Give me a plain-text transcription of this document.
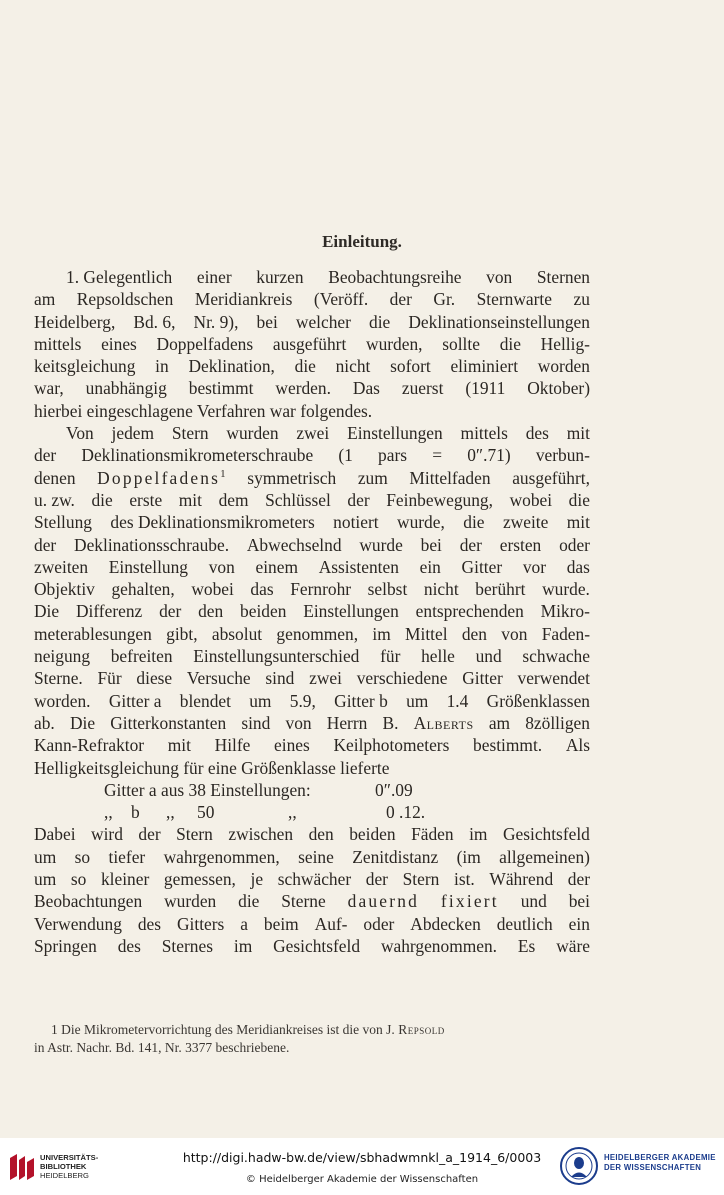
Einleitung.
1. Gelegentlich einer kurzen Beobachtungsreihe von Sternen
am Repsoldschen Meridiankreis (Veröff. der Gr. Sternwarte zu
Heidelberg, Bd. 6, Nr. 9), bei welcher die Deklinationseinstellungen
mittels eines Doppelfadens ausgeführt wurden, sollte die Hellig-
keitsgleichung in Deklination, die nicht sofort eliminiert worden
war, unabhängig bestimmt werden. Das zuerst (1911 Oktober)
hierbei eingeschlagene Verfahren war folgendes.
Von jedem Stern wurden zwei Einstellungen mittels des mit
der Deklinationsmikrometerschraube (1 pars = 0″.71) verbun-
denen Doppelfadens$^1$ symmetrisch zum Mittelfaden ausgeführt,
u. zw. die erste mit dem Schlüssel der Feinbewegung, wobei die
Stellung des Deklinationsmikrometers notiert wurde, die zweite mit
der Deklinationsschraube. Abwechselnd wurde bei der ersten oder
zweiten Einstellung von einem Assistenten ein Gitter vor das
Objektiv gehalten, wobei das Fernrohr selbst nicht berührt wurde.
Die Differenz der den beiden Einstellungen entsprechenden Mikro-
meterablesungen gibt, absolut genommen, im Mittel den von Faden-
neigung befreiten Einstellungsunterschied für helle und schwache
Sterne. Für diese Versuche sind zwei verschiedene Gitter verwendet
worden. Gitter a blendet um 5.9, Gitter b um 1.4 Größenklassen
ab. Die Gitterkonstanten sind von Herrn B. Alberts am 8zölligen
Kann-Refraktor mit Hilfe eines Keilphotometers bestimmt. Als
Helligkeitsgleichung für eine Größenklasse lieferte
Gitter a aus 38 Einstellungen:	0″.09
,, b ,, 50	,,	0 .12.
Dabei wird der Stern zwischen den beiden Fäden im Gesichtsfeld
um so tiefer wahrgenommen, seine Zenitdistanz (im allgemeinen)
um so kleiner gemessen, je schwächer der Stern ist. Während der
Beobachtungen wurden die Sterne dauernd fixiert und bei
Verwendung des Gitters a beim Auf- oder Abdecken deutlich ein
Springen des Sternes im Gesichtsfeld wahrgenommen. Es wäre
1 Die Mikrometervorrichtung des Meridiankreises ist die von J. Repsold
in Astr. Nachr. Bd. 141, Nr. 3377 beschriebene.
UNIVERSITÄTS-
BIBLIOTHEK
HEIDELBERG
http://digi.hadw-bw.de/view/sbhadwmnkl_a_1914_6/0003
© Heidelberger Akademie der Wissenschaften
HEIDELBERGER AKADEMIE
DER WISSENSCHAFTEN
